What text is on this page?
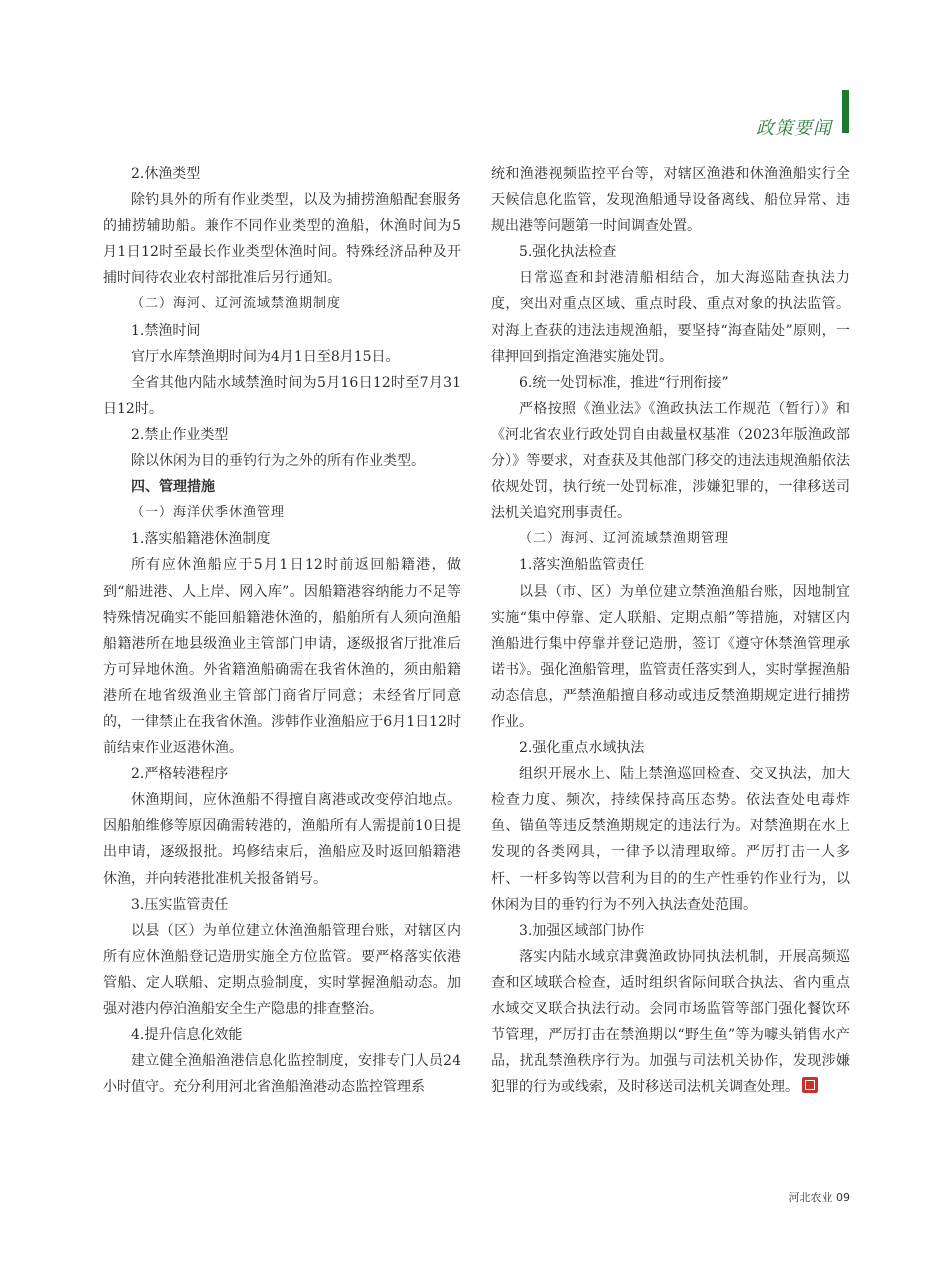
政策要闻

2.休渔类型

除钓具外的所有作业类型，以及为捕捞渔船配套服务的捕捞辅助船。兼作不同作业类型的渔船，休渔时间为5月1日12时至最长作业类型休渔时间。特殊经济品种及开捕时间待农业农村部批准后另行通知。

（二）海河、辽河流域禁渔期制度

1.禁渔时间

官厅水库禁渔期时间为4月1日至8月15日。

全省其他内陆水域禁渔时间为5月16日12时至7月31日12时。

2.禁止作业类型

除以休闲为目的垂钓行为之外的所有作业类型。

四、管理措施

（一）海洋伏季休渔管理

1.落实船籍港休渔制度

所有应休渔船应于5月1日12时前返回船籍港，做到“船进港、人上岸、网入库”。因船籍港容纳能力不足等特殊情况确实不能回船籍港休渔的，船舶所有人须向渔船船籍港所在地县级渔业主管部门申请，逐级报省厅批准后方可异地休渔。外省籍渔船确需在我省休渔的，须由船籍港所在地省级渔业主管部门商省厅同意；未经省厅同意的，一律禁止在我省休渔。涉韩作业渔船应于6月1日12时前结束作业返港休渔。

2.严格转港程序

休渔期间，应休渔船不得擅自离港或改变停泊地点。因船舶维修等原因确需转港的，渔船所有人需提前10日提出申请，逐级报批。坞修结束后，渔船应及时返回船籍港休渔，并向转港批准机关报备销号。

3.压实监管责任

以县（区）为单位建立休渔渔船管理台账，对辖区内所有应休渔船登记造册实施全方位监管。要严格落实依港管船、定人联船、定期点验制度，实时掌握渔船动态。加强对港内停泊渔船安全生产隐患的排查整治。

4.提升信息化效能

建立健全渔船渔港信息化监控制度，安排专门人员24小时值守。充分利用河北省渔船渔港动态监控管理系

统和渔港视频监控平台等，对辖区渔港和休渔渔船实行全天候信息化监管，发现渔船通导设备离线、船位异常、违规出港等问题第一时间调查处置。

5.强化执法检查

日常巡查和封港清船相结合，加大海巡陆查执法力度，突出对重点区域、重点时段、重点对象的执法监管。对海上查获的违法违规渔船，要坚持“海查陆处”原则，一律押回到指定渔港实施处罚。

6.统一处罚标准，推进“行刑衔接”

严格按照《渔业法》《渔政执法工作规范（暂行）》和《河北省农业行政处罚自由裁量权基准（2023年版渔政部分）》等要求，对查获及其他部门移交的违法违规渔船依法依规处罚，执行统一处罚标准，涉嫌犯罪的，一律移送司法机关追究刑事责任。

（二）海河、辽河流域禁渔期管理

1.落实渔船监管责任

以县（市、区）为单位建立禁渔渔船台账，因地制宜实施“集中停靠、定人联船、定期点船”等措施，对辖区内渔船进行集中停靠并登记造册，签订《遵守休禁渔管理承诺书》。强化渔船管理，监管责任落实到人，实时掌握渔船动态信息，严禁渔船擅自移动或违反禁渔期规定进行捕捞作业。

2.强化重点水域执法

组织开展水上、陆上禁渔巡回检查、交叉执法，加大检查力度、频次，持续保持高压态势。依法查处电毒炸鱼、锚鱼等违反禁渔期规定的违法行为。对禁渔期在水上发现的各类网具，一律予以清理取缔。严厉打击一人多杆、一杆多钩等以营利为目的的生产性垂钓作业行为，以休闲为目的垂钓行为不列入执法查处范围。

3.加强区域部门协作

落实内陆水域京津冀渔政协同执法机制，开展高频巡查和区域联合检查，适时组织省际间联合执法、省内重点水域交叉联合执法行动。会同市场监管等部门强化餐饮环节管理，严厉打击在禁渔期以“野生鱼”等为噱头销售水产品，扰乱禁渔秩序行为。加强与司法机关协作，发现涉嫌犯罪的行为或线索，及时移送司法机关调查处理。

河北农业 09
